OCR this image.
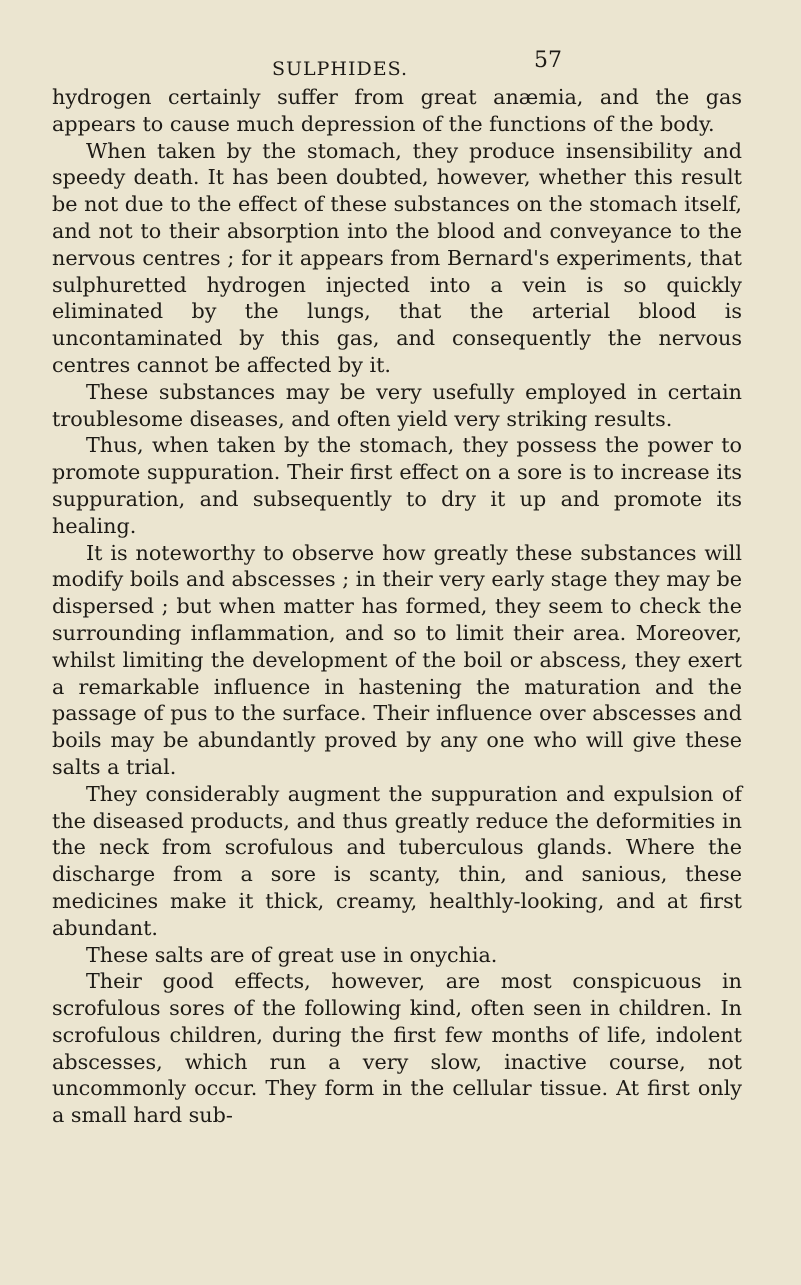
SULPHIDES.	57

hydrogen certainly suffer from great anæmia, and the gas appears to cause much depression of the functions of the body.

When taken by the stomach, they produce insensibility and speedy death. It has been doubted, however, whether this result be not due to the effect of these substances on the stomach itself, and not to their absorption into the blood and conveyance to the nervous centres ; for it appears from Bernard's experiments, that sulphuretted hydrogen injected into a vein is so quickly eliminated by the lungs, that the arterial blood is uncontaminated by this gas, and consequently the nervous centres cannot be affected by it.

These substances may be very usefully employed in certain troublesome diseases, and often yield very striking results.

Thus, when taken by the stomach, they possess the power to promote suppuration. Their first effect on a sore is to increase its suppuration, and subsequently to dry it up and promote its healing.

It is noteworthy to observe how greatly these substances will modify boils and abscesses ; in their very early stage they may be dispersed ; but when matter has formed, they seem to check the surrounding inflammation, and so to limit their area. Moreover, whilst limiting the development of the boil or abscess, they exert a remarkable influence in hastening the maturation and the passage of pus to the surface. Their influence over abscesses and boils may be abundantly proved by any one who will give these salts a trial.

They considerably augment the suppuration and expulsion of the diseased products, and thus greatly reduce the deformities in the neck from scrofulous and tuberculous glands. Where the discharge from a sore is scanty, thin, and sanious, these medicines make it thick, creamy, healthly-looking, and at first abundant.

These salts are of great use in onychia.

Their good effects, however, are most conspicuous in scrofulous sores of the following kind, often seen in children. In scrofulous children, during the first few months of life, indolent abscesses, which run a very slow, inactive course, not uncommonly occur. They form in the cellular tissue. At first only a small hard sub-
